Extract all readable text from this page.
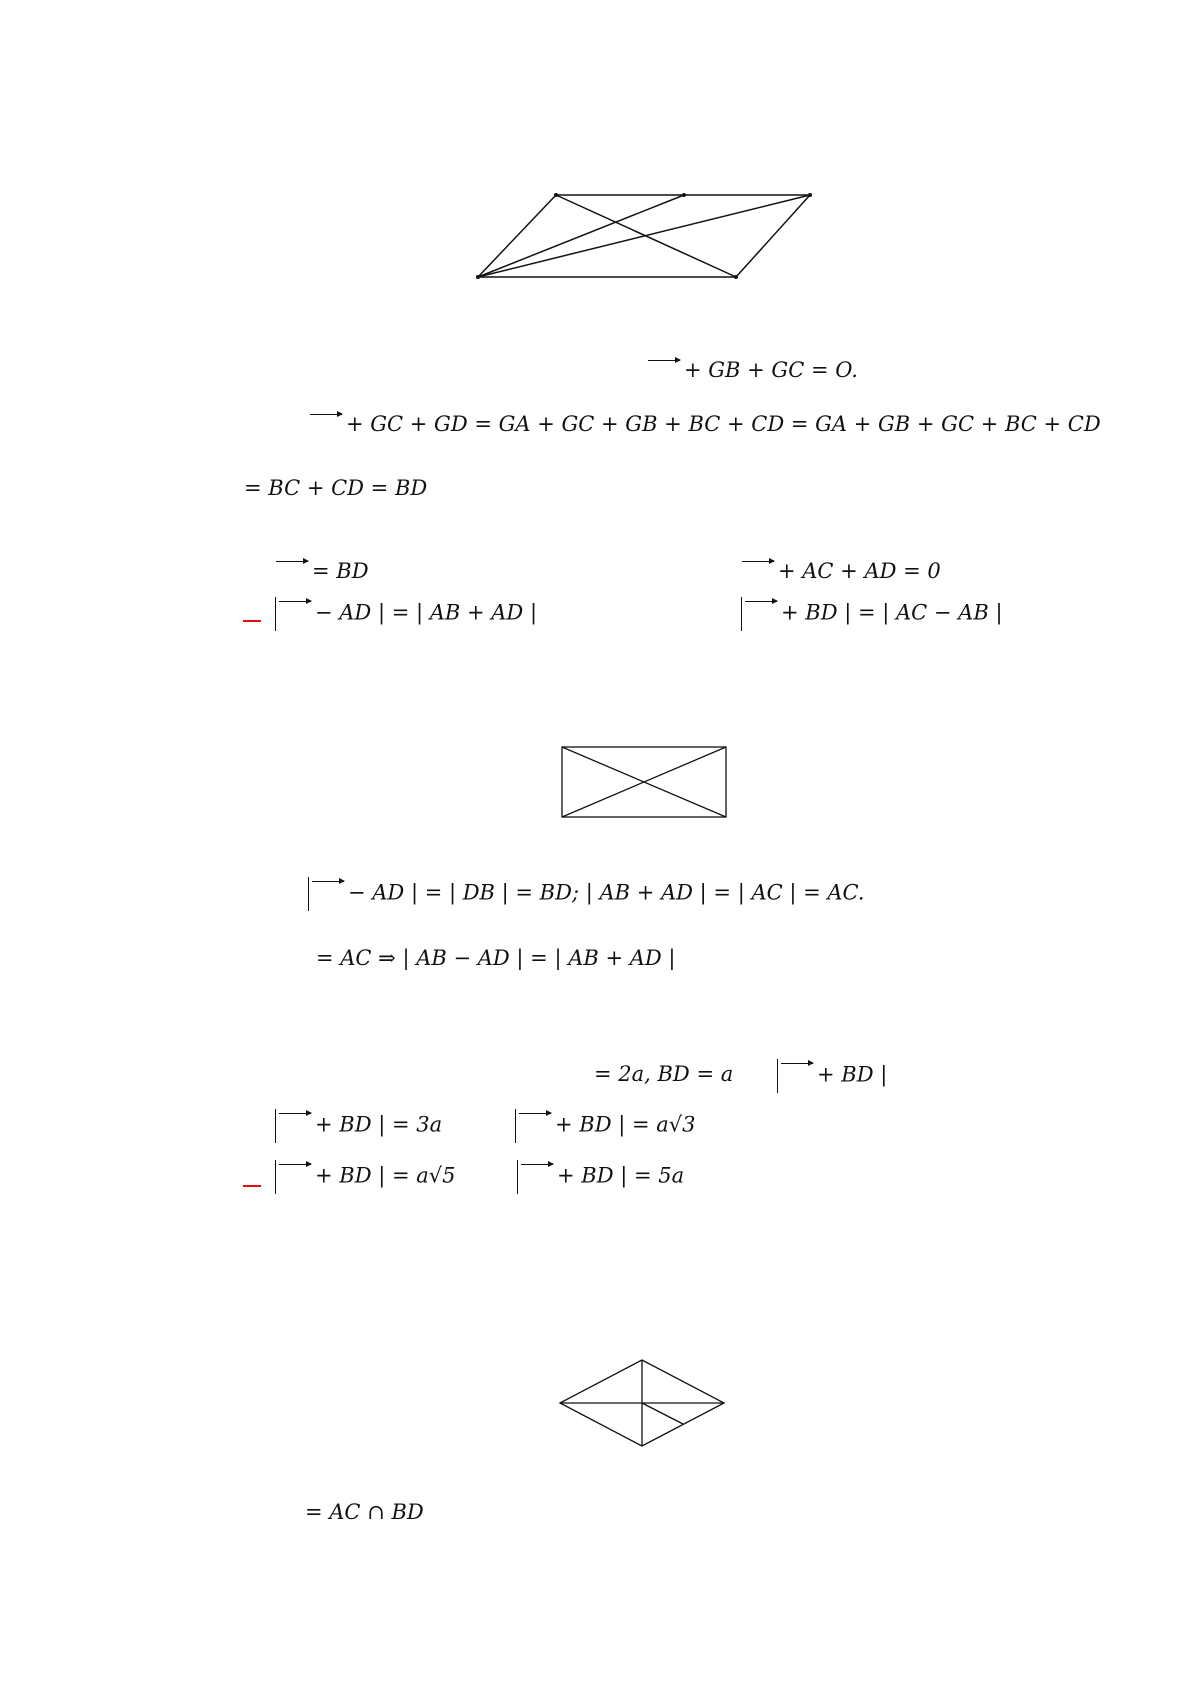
+ GB + GC = O.
+ GC + GD = GA + GC + GB + BC + CD = GA + GB + GC + BC + CD
= BC + CD = BD
= BD	+ AC + AD = 0
− AD | = | AB + AD |	+ BD | = | AC − AB |
− AD | = | DB | = BD; | AB + AD | = | AC | = AC.
= AC ⇒ | AB − AD | = | AB + AD |
= 2a, BD = a	+ BD |
+ BD | = 3a	+ BD | = a√3
+ BD | = a√5	+ BD | = 5a
= AC ∩ BD
